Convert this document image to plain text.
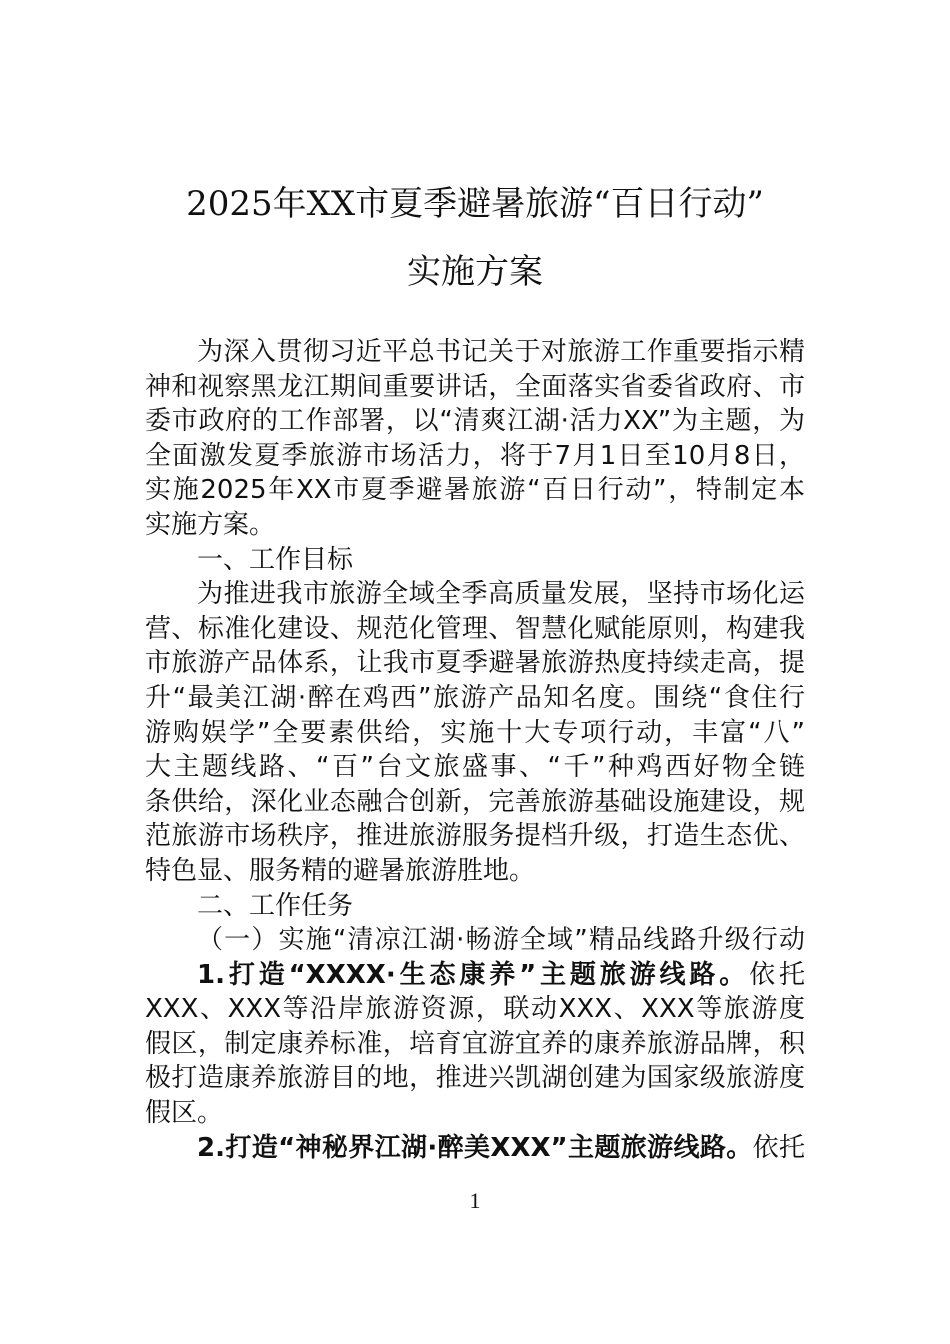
2025年XX市夏季避暑旅游“百日行动”
实施方案
为深入贯彻习近平总书记关于对旅游工作重要指示精
神和视察黑龙江期间重要讲话，全面落实省委省政府、市
委市政府的工作部署，以“清爽江湖·活力XX”为主题，为
全面激发夏季旅游市场活力，将于7月1日至10月8日，
实施2025年XX市夏季避暑旅游“百日行动”，特制定本
实施方案。
一、工作目标
为推进我市旅游全域全季高质量发展，坚持市场化运
营、标准化建设、规范化管理、智慧化赋能原则，构建我
市旅游产品体系，让我市夏季避暑旅游热度持续走高，提
升“最美江湖·醉在鸡西”旅游产品知名度。围绕“食住行
游购娱学”全要素供给，实施十大专项行动，丰富“八”
大主题线路、“百”台文旅盛事、“千”种鸡西好物全链
条供给，深化业态融合创新，完善旅游基础设施建设，规
范旅游市场秩序，推进旅游服务提档升级，打造生态优、
特色显、服务精的避暑旅游胜地。
二、工作任务
（一）实施“清凉江湖·畅游全域”精品线路升级行动
1.打造“XXXX·生态康养”主题旅游线路。依托
XXX、XXX等沿岸旅游资源，联动XXX、XXX等旅游度
假区，制定康养标准，培育宜游宜养的康养旅游品牌，积
极打造康养旅游目的地，推进兴凯湖创建为国家级旅游度
假区。
2.打造“神秘界江湖·醉美XXX”主题旅游线路。依托
1
